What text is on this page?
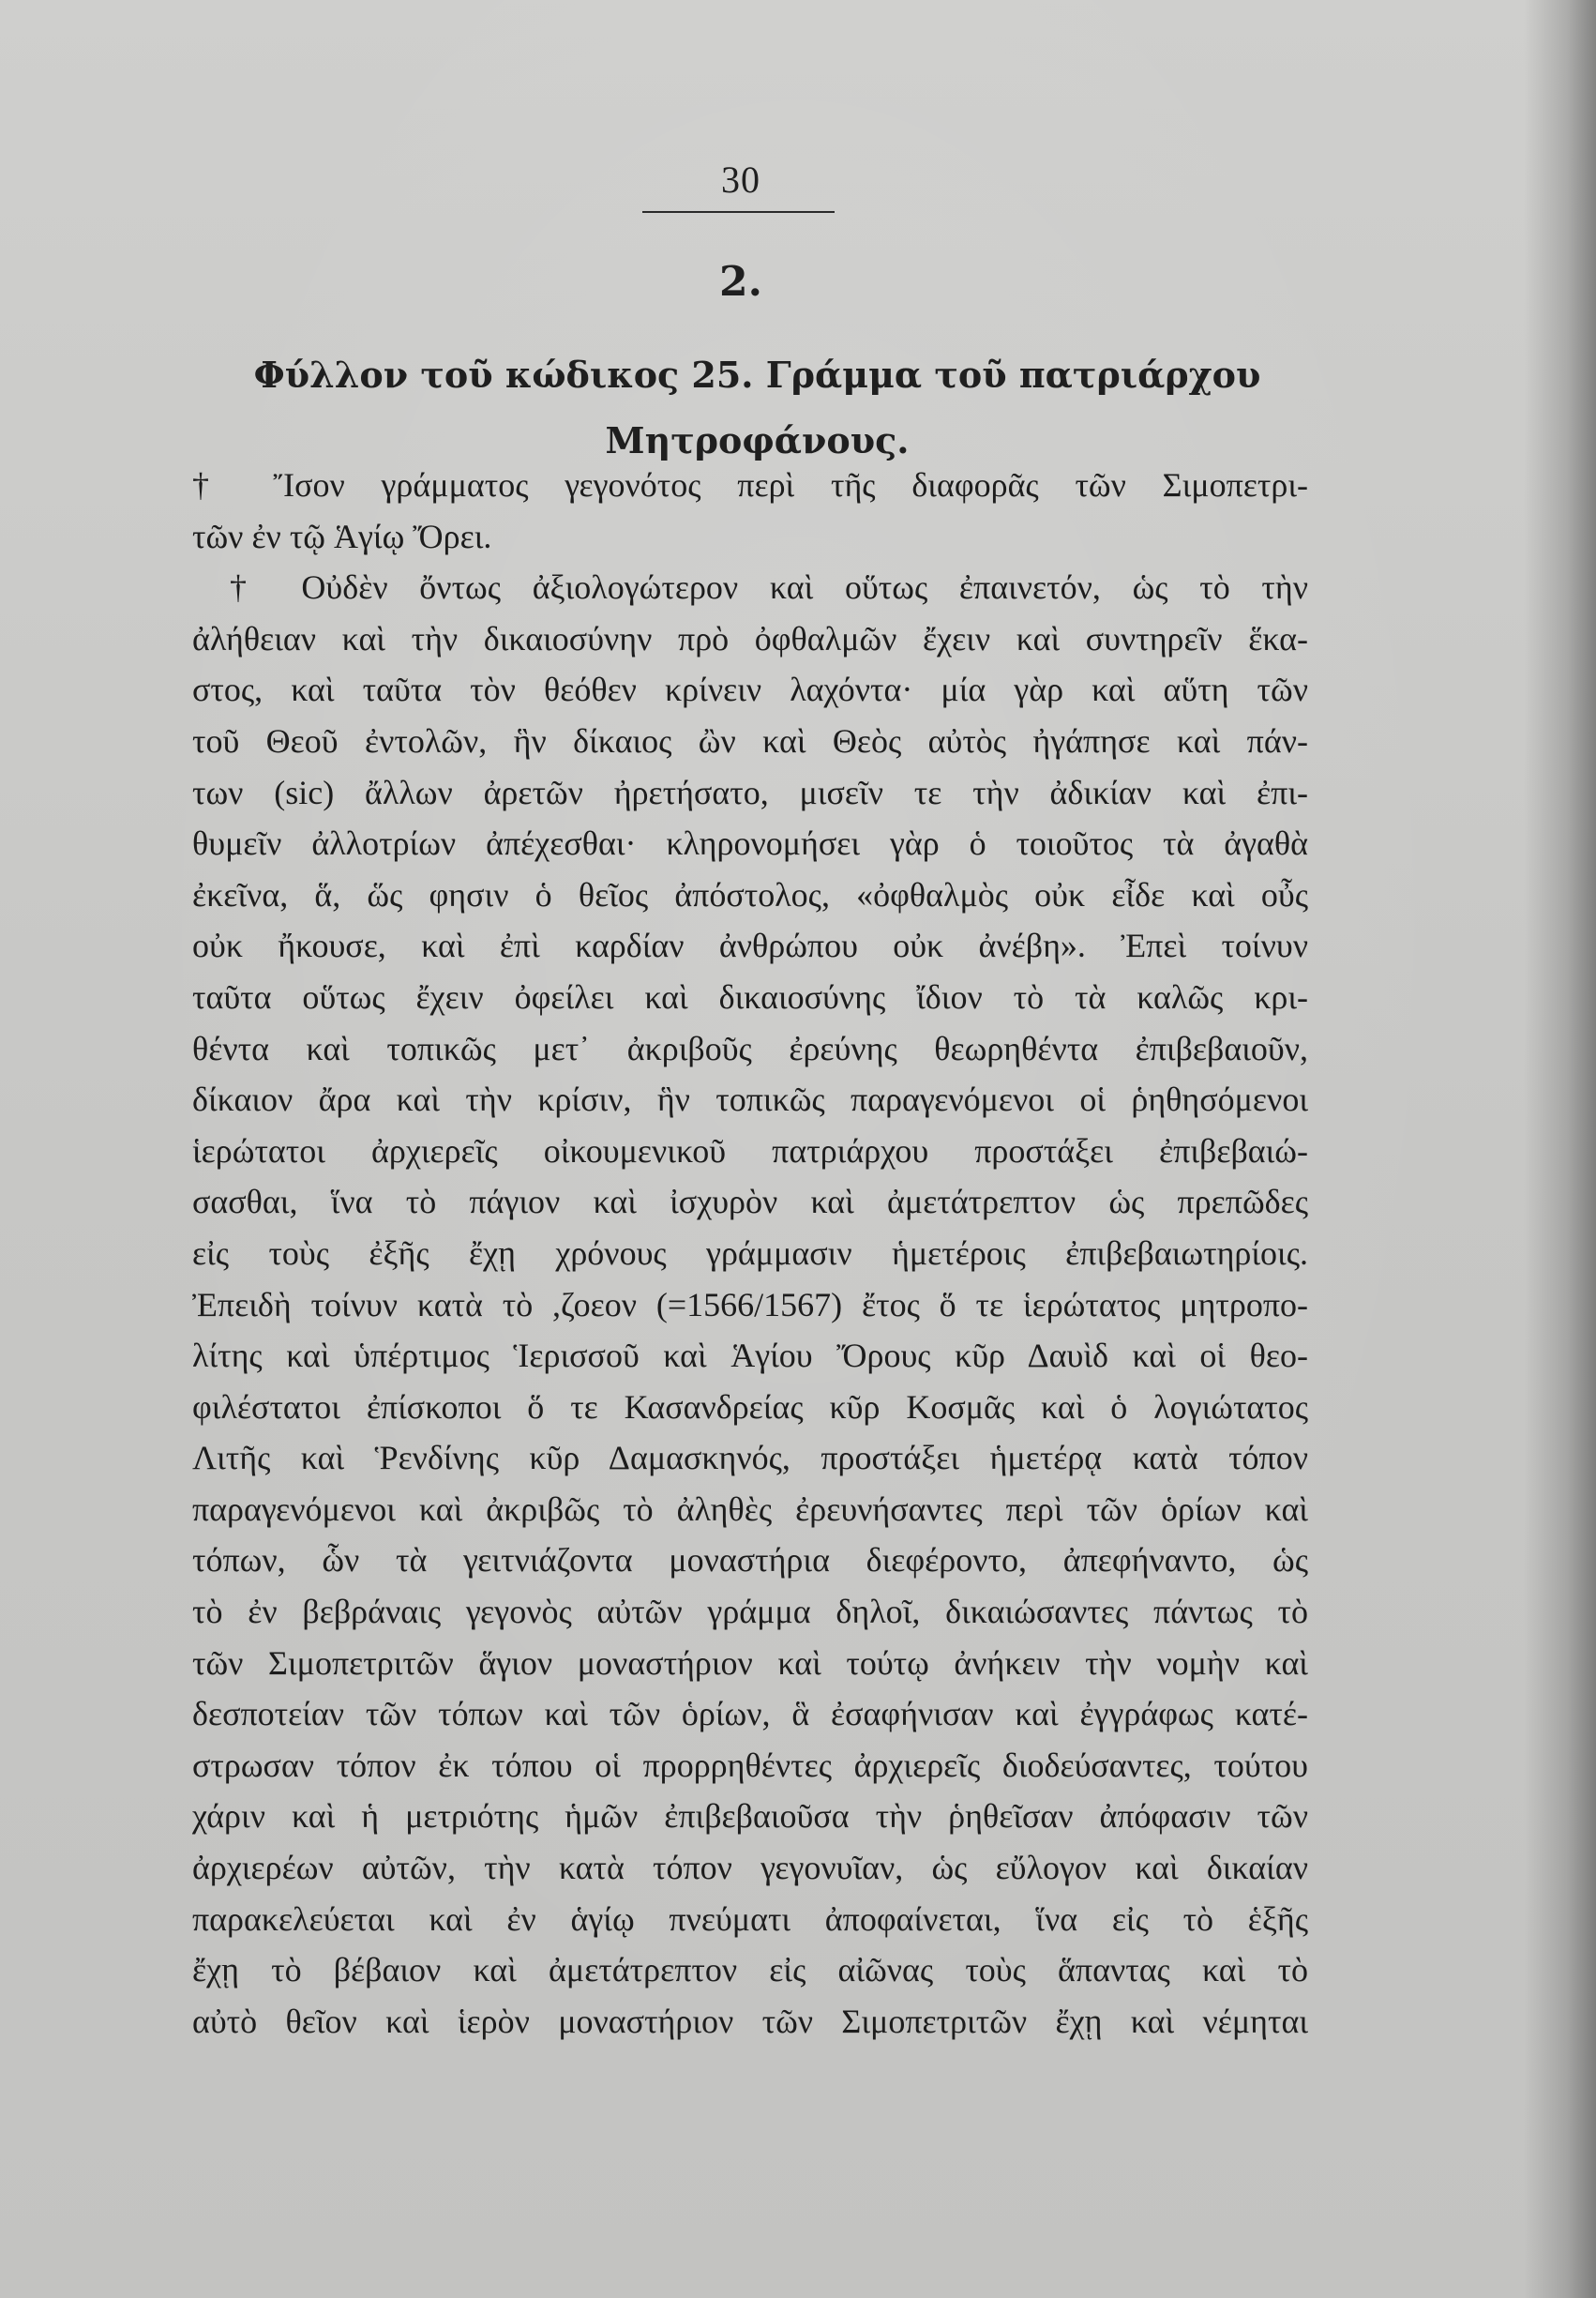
30
2.
Φύλλον τοῦ κώδικος 25. Γράμμα τοῦ πατριάρχου
Μητροφάνους.
† Ἴσον γράμματος γεγονότος περὶ τῆς διαφορᾶς τῶν Σιμοπετρι-
τῶν ἐν τῷ Ἁγίῳ Ὄρει.
† Οὐδὲν ὄντως ἀξιολογώτερον καὶ οὕτως ἐπαινετόν, ὡς τὸ τὴν
ἀλήθειαν καὶ τὴν δικαιοσύνην πρὸ ὀφθαλμῶν ἔχειν καὶ συντηρεῖν ἕκα-
στος, καὶ ταῦτα τὸν θεόθεν κρίνειν λαχόντα· μία γὰρ καὶ αὕτη τῶν
τοῦ Θεοῦ ἐντολῶν, ἣν δίκαιος ὢν καὶ Θεὸς αὐτὸς ἠγάπησε καὶ πάν-
των (sic) ἄλλων ἀρετῶν ἠρετήσατο, μισεῖν τε τὴν ἀδικίαν καὶ ἐπι-
θυμεῖν ἀλλοτρίων ἀπέχεσθαι· κληρονομήσει γὰρ ὁ τοιοῦτος τὰ ἀγαθὰ
ἐκεῖνα, ἅ, ὥς φησιν ὁ θεῖος ἀπόστολος, «ὀφθαλμὸς οὐκ εἶδε καὶ οὖς
οὐκ ἤκουσε, καὶ ἐπὶ καρδίαν ἀνθρώπου οὐκ ἀνέβη». Ἐπεὶ τοίνυν
ταῦτα οὕτως ἔχειν ὀφείλει καὶ δικαιοσύνης ἴδιον τὸ τὰ καλῶς κρι-
θέντα καὶ τοπικῶς μετ᾿ ἀκριβοῦς ἐρεύνης θεωρηθέντα ἐπιβεβαιοῦν,
δίκαιον ἄρα καὶ τὴν κρίσιν, ἣν τοπικῶς παραγενόμενοι οἱ ῥηθησόμενοι
ἱερώτατοι ἀρχιερεῖς οἰκουμενικοῦ πατριάρχου προστάξει ἐπιβεβαιώ-
σασθαι, ἵνα τὸ πάγιον καὶ ἰσχυρὸν καὶ ἀμετάτρεπτον ὡς πρεπῶδες
εἰς τοὺς ἐξῆς ἔχῃ χρόνους γράμμασιν ἡμετέροις ἐπιβεβαιωτηρίοις.
Ἐπειδὴ τοίνυν κατὰ τὸ ,ζοεον (=1566/1567) ἔτος ὅ τε ἱερώτατος μητροπο-
λίτης καὶ ὑπέρτιμος Ἱερισσοῦ καὶ Ἁγίου Ὄρους κῦρ Δαυὶδ καὶ οἱ θεο-
φιλέστατοι ἐπίσκοποι ὅ τε Κασανδρείας κῦρ Κοσμᾶς καὶ ὁ λογιώτατος
Λιτῆς καὶ Ῥενδίνης κῦρ Δαμασκηνός, προστάξει ἡμετέρᾳ κατὰ τόπον
παραγενόμενοι καὶ ἀκριβῶς τὸ ἀληθὲς ἐρευνήσαντες περὶ τῶν ὁρίων καὶ
τόπων, ὧν τὰ γειτνιάζοντα μοναστήρια διεφέροντο, ἀπεφήναντο, ὡς
τὸ ἐν βεβράναις γεγονὸς αὐτῶν γράμμα δηλοῖ, δικαιώσαντες πάντως τὸ
τῶν Σιμοπετριτῶν ἅγιον μοναστήριον καὶ τούτῳ ἀνήκειν τὴν νομὴν καὶ
δεσποτείαν τῶν τόπων καὶ τῶν ὁρίων, ἃ ἐσαφήνισαν καὶ ἐγγράφως κατέ-
στρωσαν τόπον ἐκ τόπου οἱ προρρηθέντες ἀρχιερεῖς διοδεύσαντες, τούτου
χάριν καὶ ἡ μετριότης ἡμῶν ἐπιβεβαιοῦσα τὴν ῥηθεῖσαν ἀπόφασιν τῶν
ἀρχιερέων αὐτῶν, τὴν κατὰ τόπον γεγονυῖαν, ὡς εὔλογον καὶ δικαίαν
παρακελεύεται καὶ ἐν ἁγίῳ πνεύματι ἀποφαίνεται, ἵνα εἰς τὸ ἑξῆς
ἔχῃ τὸ βέβαιον καὶ ἀμετάτρεπτον εἰς αἰῶνας τοὺς ἅπαντας καὶ τὸ
αὐτὸ θεῖον καὶ ἱερὸν μοναστήριον τῶν Σιμοπετριτῶν ἔχῃ καὶ νέμηται
